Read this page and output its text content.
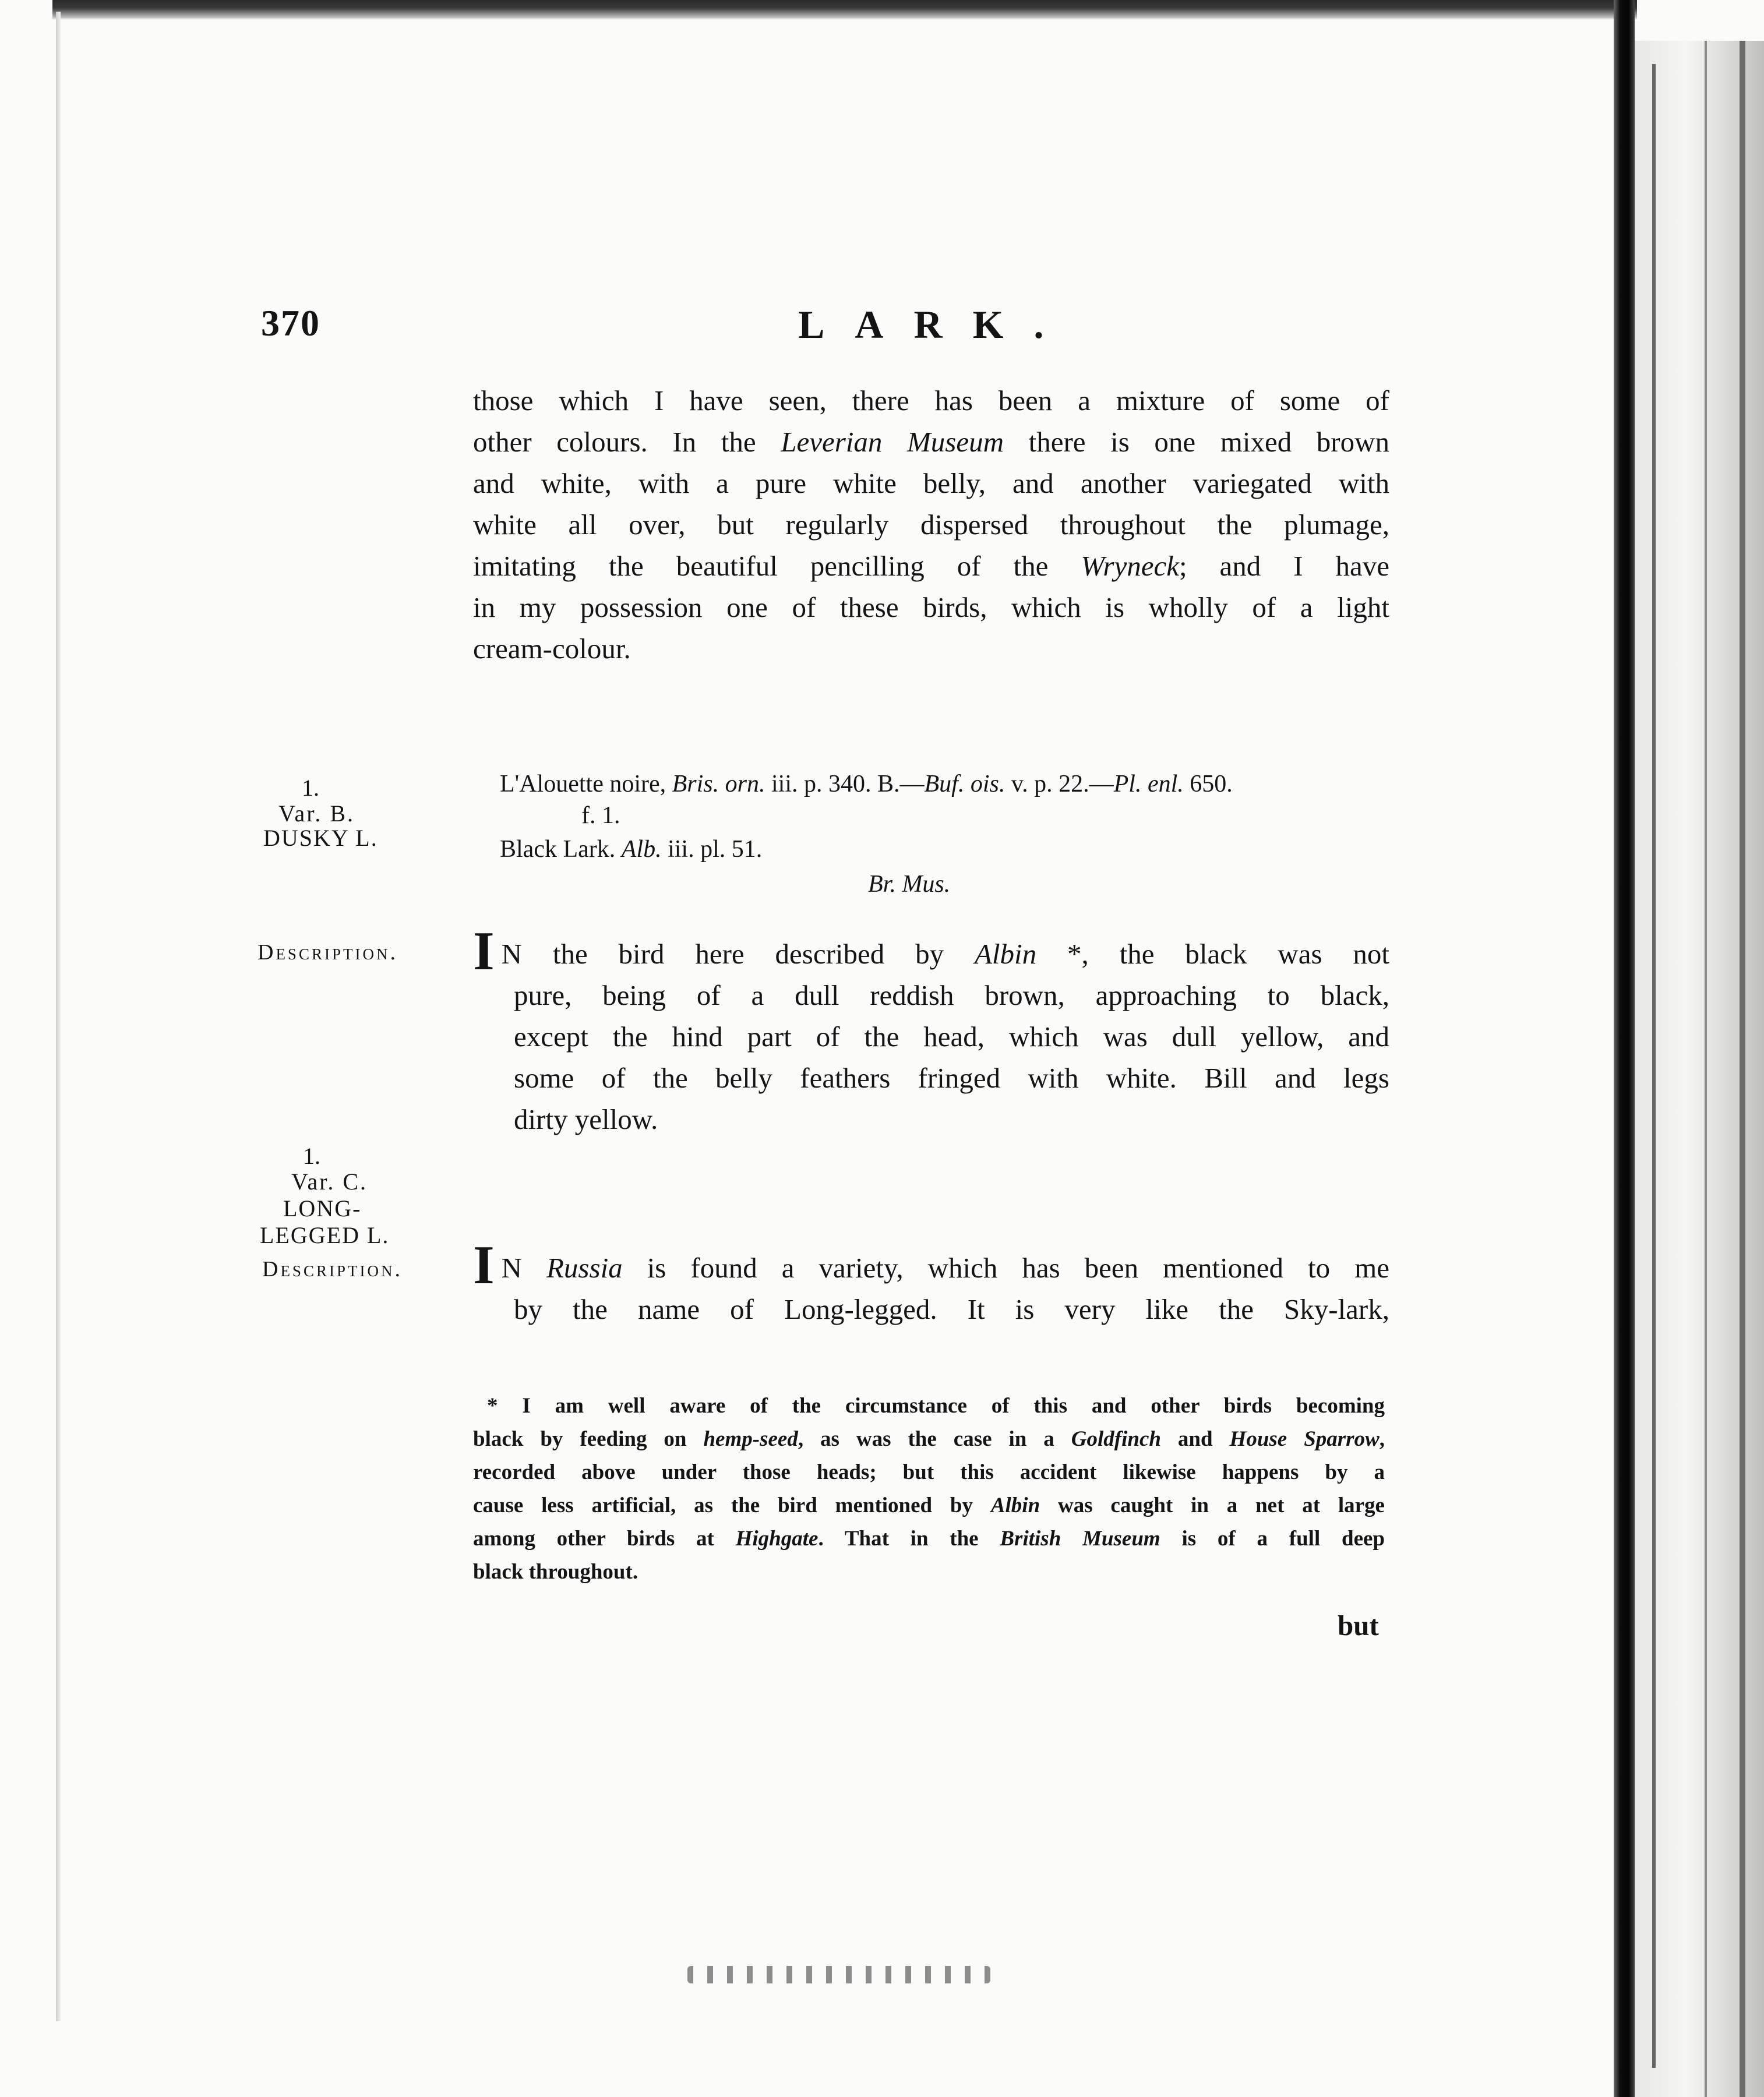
370	LARK.
those which I have seen, there has been a mixture of some of
other colours. In the Leverian Museum there is one mixed brown
and white, with a pure white belly, and another variegated with
white all over, but regularly dispersed throughout the plumage,
imitating the beautiful pencilling of the Wryneck; and I have
in my possession one of these birds, which is wholly of a light
cream-colour.
1.
Var. B.
DUSKY L.
L'Alouette noire, Bris. orn. iii. p. 340. B.—Buf. ois. v. p. 22.—Pl. enl. 650.
f. 1.
Black Lark. Alb. iii. pl. 51.
Br. Mus.
Description. I N the bird here described by Albin *, the black was not
pure, being of a dull reddish brown, approaching to black,
except the hind part of the head, which was dull yellow, and
some of the belly feathers fringed with white. Bill and legs
dirty yellow.
1.
Var. C.
LONG-
LEGGED L.
Description. I N Russia is found a variety, which has been mentioned to me
by the name of Long-legged. It is very like the Sky-lark,
* I am well aware of the circumstance of this and other birds becoming
black by feeding on hemp-seed, as was the case in a Goldfinch and House Sparrow,
recorded above under those heads; but this accident likewise happens by a
cause less artificial, as the bird mentioned by Albin was caught in a net at large
among other birds at Highgate. That in the British Museum is of a full deep
black throughout.
but
